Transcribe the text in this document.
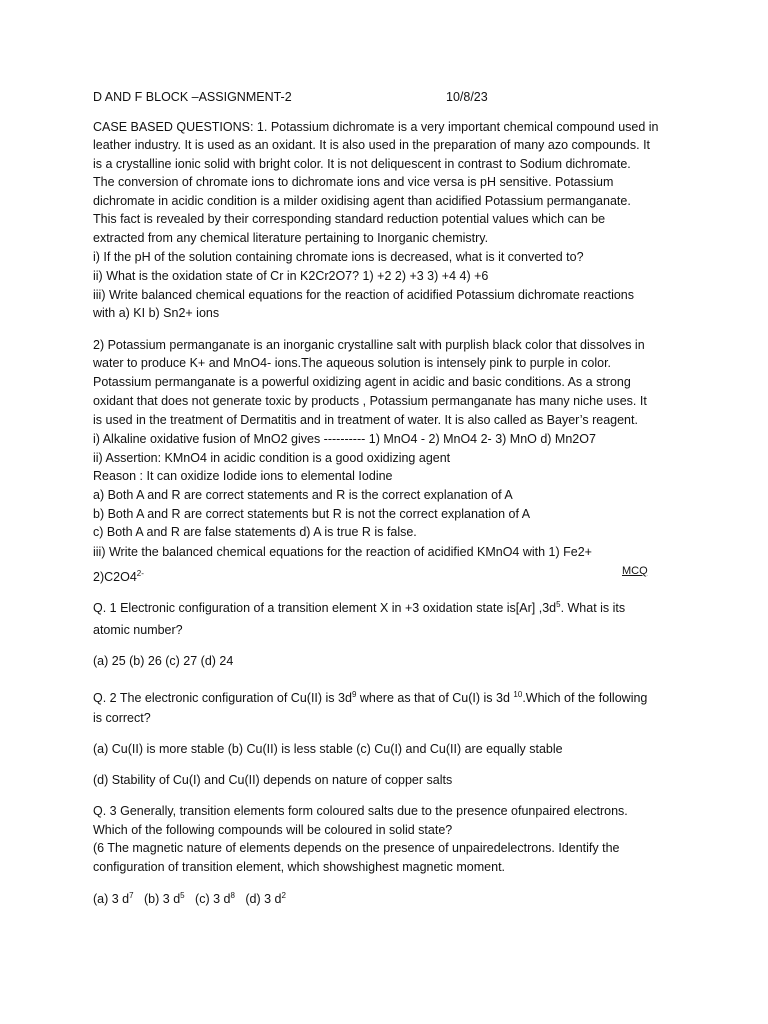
D AND F BLOCK –ASSIGNMENT-2	10/8/23
CASE BASED QUESTIONS: 1. Potassium dichromate is a very important chemical compound used in
leather industry. It is used as an oxidant. It is also used in the preparation of many azo compounds. It
is a crystalline ionic solid with bright color. It is not deliquescent in contrast to Sodium dichromate.
The conversion of chromate ions to dichromate ions and vice versa is pH sensitive. Potassium
dichromate in acidic condition is a milder oxidising agent than acidified Potassium permanganate.
This fact is revealed by their corresponding standard reduction potential values which can be
extracted from any chemical literature pertaining to Inorganic chemistry.
i) If the pH of the solution containing chromate ions is decreased, what is it converted to?
ii) What is the oxidation state of Cr in K2Cr2O7? 1) +2 2) +3 3) +4 4) +6
iii) Write balanced chemical equations for the reaction of acidified Potassium dichromate reactions
with a) KI b) Sn2+ ions
2) Potassium permanganate is an inorganic crystalline salt with purplish black color that dissolves in
water to produce K+ and MnO4- ions.The aqueous solution is intensely pink to purple in color.
Potassium permanganate is a powerful oxidizing agent in acidic and basic conditions. As a strong
oxidant that does not generate toxic by products , Potassium permanganate has many niche uses. It
is used in the treatment of Dermatitis and in treatment of water. It is also called as Bayer’s reagent.
i) Alkaline oxidative fusion of MnO2 gives ---------- 1) MnO4 - 2) MnO4 2- 3) MnO d) Mn2O7
ii) Assertion: KMnO4 in acidic condition is a good oxidizing agent
Reason : It can oxidize Iodide ions to elemental Iodine
a) Both A and R are correct statements and R is the correct explanation of A
b) Both A and R are correct statements but R is not the correct explanation of A
c) Both A and R are false statements d) A is true R is false.
iii) Write the balanced chemical equations for the reaction of acidified KMnO4 with 1) Fe2+
$2)C2O4^{2-}$	MCQ
Q. 1 Electronic configuration of a transition element X in +3 oxidation state is[Ar] $,3d^5$. What is its
atomic number?
(a) 25 (b) 26 (c) 27 (d) 24
Q. 2 The electronic configuration of Cu(II) is $3d^9$ where as that of Cu(I) is 3d $^{10}$.Which of the following
is correct?
(a) Cu(II) is more stable (b) Cu(II) is less stable (c) Cu(I) and Cu(II) are equally stable
(d) Stability of Cu(I) and Cu(II) depends on nature of copper salts
Q. 3 Generally, transition elements form coloured salts due to the presence ofunpaired electrons.
Which of the following compounds will be coloured in solid state?
(6 The magnetic nature of elements depends on the presence of unpairedelectrons. Identify the
configuration of transition element, which showshighest magnetic moment.
(a) 3 $d^7$ (b) 3 $d^5$ (c) 3 $d^8$ (d) 3 $d^2$
